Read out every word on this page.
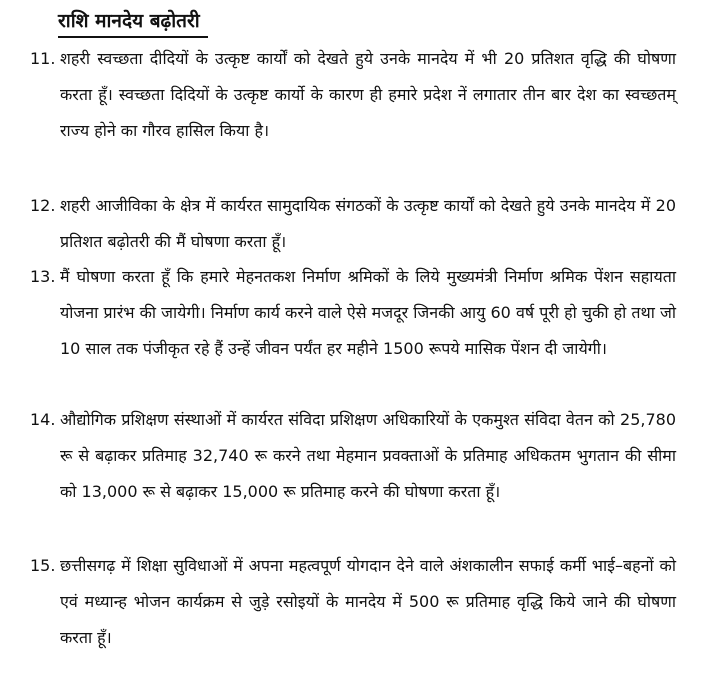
राशि मानदेय बढ़ोतरी
11. शहरी स्वच्छता दीदियों के उत्कृष्ट कार्यों को देखते हुये उनके मानदेय में भी 20 प्रतिशत वृद्धि की घोषणा करता हूँ। स्वच्छता दिदियों के उत्कृष्ट कार्यो के कारण ही हमारे प्रदेश नें लगातार तीन बार देश का स्वच्छतम् राज्य होने का गौरव हासिल किया है।
12. शहरी आजीविका के क्षेत्र में कार्यरत सामुदायिक संगठकों के उत्कृष्ट कार्यों को देखते हुये उनके मानदेय में 20 प्रतिशत बढ़ोतरी की मैं घोषणा करता हूँ।
13. मैं घोषणा करता हूँ कि हमारे मेहनतकश निर्माण श्रमिकों के लिये मुख्यमंत्री निर्माण श्रमिक पेंशन सहायता योजना प्रारंभ की जायेगी। निर्माण कार्य करने वाले ऐसे मजदूर जिनकी आयु 60 वर्ष पूरी हो चुकी हो तथा जो 10 साल तक पंजीकृत रहे हैं उन्हें जीवन पर्यंत हर महीने 1500 रूपये मासिक पेंशन दी जायेगी।
14. औद्योगिक प्रशिक्षण संस्थाओं में कार्यरत संविदा प्रशिक्षण अधिकारियों के एकमुश्त संविदा वेतन को 25,780 रू से बढ़ाकर प्रतिमाह 32,740 रू करने तथा मेहमान प्रवक्ताओं के प्रतिमाह अधिकतम भुगतान की सीमा को 13,000 रू से बढ़ाकर 15,000 रू प्रतिमाह करने की घोषणा करता हूँ।
15. छत्तीसगढ़ में शिक्षा सुविधाओं में अपना महत्वपूर्ण योगदान देने वाले अंशकालीन सफाई कर्मी भाई–बहनों को एवं मध्यान्ह भोजन कार्यक्रम से जुड़े रसोइयों के मानदेय में 500 रू प्रतिमाह वृद्धि किये जाने की घोषणा करता हूँ।
